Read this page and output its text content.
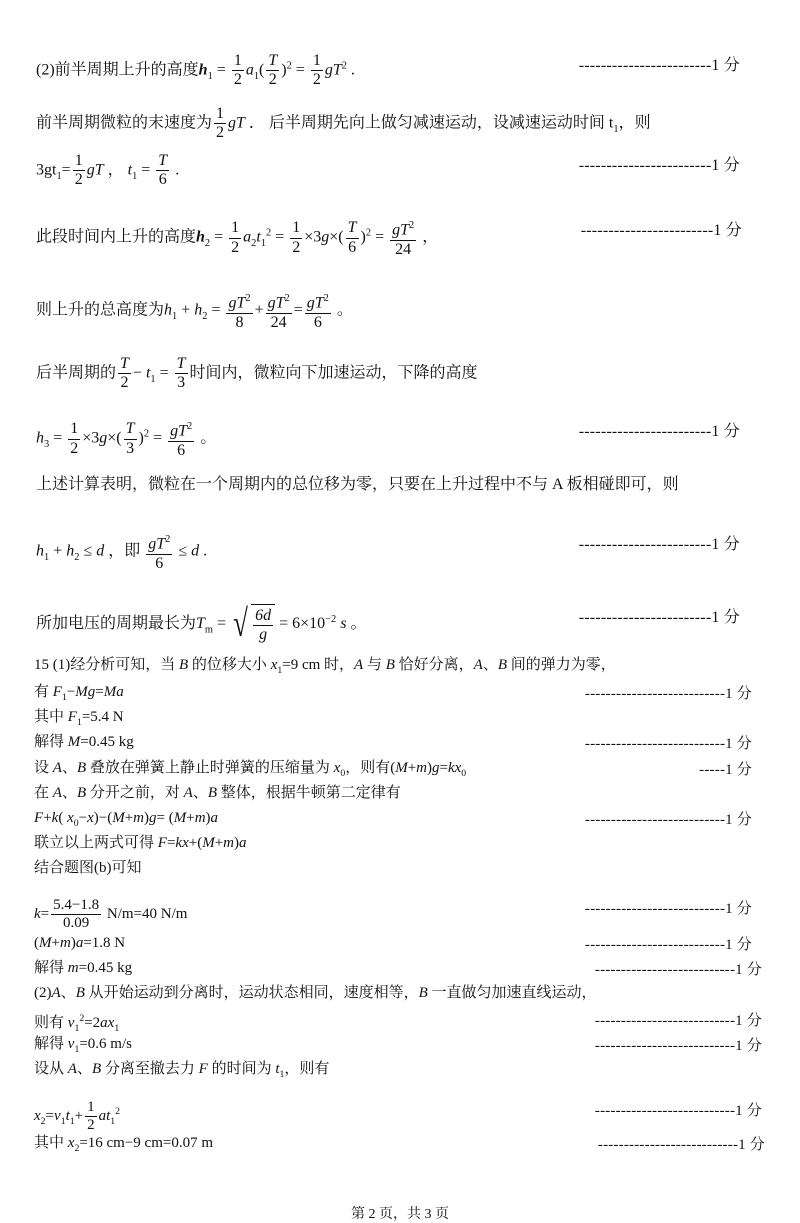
(2)前半周期上升的高度$h_1 = \frac{1}{2} a_1( \frac{T}{2} )^2 = \frac{1}{2} gT^2$ .	------------------------1 分
前半周期微粒的末速度为 $\frac{1}{2}$ gT ． 后半周期先向上做匀减速运动，设减速运动时间 $t_1$，则
$3gt_1= \frac{1}{2}$ gT ， $t_1 = \frac{T}{6}$ .	------------------------1 分
此段时间内上升的高度$h_2 = \frac{1}{2} a_2t_1^2 = \frac{1}{2} \times 3g\times( \frac{T}{6} )^2 = \frac{gT^2}{24}$ ，	------------------------1 分
则上升的总高度为$h_1 + h_2 = \frac{gT^2}{8} + \frac{gT^2}{24} = \frac{gT^2}{6}$ 。
后半周期的 $\frac{T}{2} - t_1 = \frac{T}{3}$ 时间内，微粒向下加速运动，下降的高度
$h_3 = \frac{1}{2} \times 3g\times( \frac{T}{3} )^2 = \frac{gT^2}{6}$ 。	------------------------1 分
上述计算表明，微粒在一个周期内的总位移为零，只要在上升过程中不与 A 板相碰即可，则
$h_1 + h_2 \le d$ ，即 $\frac{gT^2}{6} \le d$ .	------------------------1 分
所加电压的周期最长为$T_m$ = √ $\frac{6d}{g} = 6\times 10^{-2}$ s 。	------------------------1 分
15 (1)经分析可知，当 B 的位移大小 $x_1=9$ cm 时，A 与 B 恰好分离，A、B 间的弹力为零，
有 $F_1-Mg=Ma$	---------------------------1 分
其中 $F_1=5.4$ N
解得 M=0.45 kg	---------------------------1 分
设 A、B 叠放在弹簧上静止时弹簧的压缩量为 $x_0$，则有$(M+m)g=kx_0$	-----1 分
在 A、B 分开之前，对 A、B 整体，根据牛顿第二定律有
F+k( $x_0-x)-(M+m)g= (M+m)a$	---------------------------1 分
联立以上两式可得 F=kx+(M+m)a
结合题图(b)可知
$k= \frac{5.4-1.8}{0.09} N/m=40$ N/m	---------------------------1 分
(M+m)a=1.8 N	---------------------------1 分
解得 m=0.45 kg	---------------------------1 分
(2)A、B 从开始运动到分离时，运动状态相同，速度相等，B 一直做匀加速直线运动，
则有 $v_1^2=2ax_1$	---------------------------1 分
解得 $v_1=0.6$ m/s	---------------------------1 分
设从 A、B 分离至撤去力 F 的时间为 $t_1$，则有
$x_2=v_1t_1+ \frac{1}{2} at_1^2$	---------------------------1 分
其中 $x_2=16$ cm−9 cm=0.07 m	---------------------------1 分
第 2 页，共 3 页
